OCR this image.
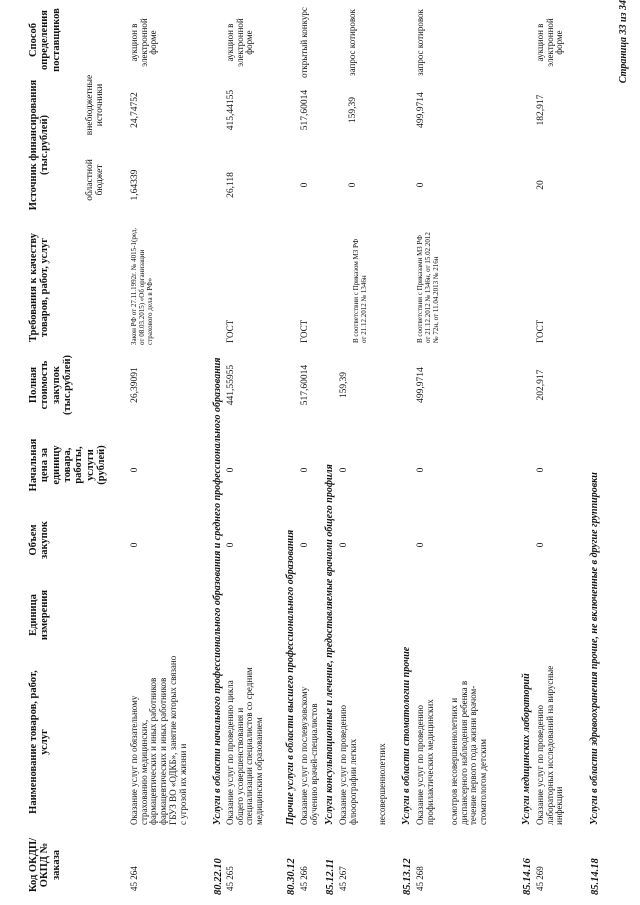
Код ОКДП/ ОКПД № заказа
Наименование товаров, работ, услуг
Единица измерения
Объем закупок
Начальная цена за единицу товара, работы, услуги (рублей)
Полная стоимость закупок (тыс.рублей)
Требования к качеству товаров, работ, услуг
Источник финансирования (тыс.рублей)
областной бюджет
внебюджетные источники
Способ определения поставщиков
45 264
Оказание услуг по обязательному страхованию медицинских, фармацевтических и иных работников фармацевтических и иных работников ГБУЗ ВО «ОДКБ», занятие которых связано с угрозой их жизни и
0
0
26,39091
Закон РФ от 27.11.1992г. № 4015-1(ред. от 08.03.2015) «Об организации страхового дела в РФ»
1,64339
24,74752
аукцион в электронной форме
80.22.10
Услуги в области начального профессионального образования и среднего профессионального образования
45 265
Оказание услуг по проведению цикла общего усовершенствования и специализации специалистов со средним медицинским образованием
0
0
441,55955
ГОСТ
26,118
415,44155
аукцион в электронной форме
80.30.12
Прочие услуги в области высшего профессионального образования
45 266
Оказание услуг по послевузовскому обучению врачей-специалистов
0
0
517,60014
ГОСТ
0
517,60014
открытый конкурс
85.12.11
Услуги консультационные и лечение, предоставляемые врачами общего профиля
45 267
Оказание услуг по проведению флюорографии легких несовершеннолетних
0
0
159,39
В соответствии с Приказом МЗ РФ от 21.12.2012 № 1346н
0
159,39
запрос котировок
85.13.12
Услуги в области стоматологии прочие
45 268
Оказание услуг по проведению профилактических медицинских осмотров несовершеннолетних и диспансерного наблюдения ребенка в течение первого года жизни врачом-стоматологом детским
0
0
499,9714
В соответствии с Приказами МЗ РФ от 21.12.2012 № 1346н, от 15.02.2012 № 72н, от 11.04.2013 № 216н
0
499,9714
запрос котировок
85.14.16
Услуги медицинских лабораторий
45 269
Оказание услуг по проведению лабораторных исследований на вирусные инфекции
0
0
202,917
ГОСТ
20
182,917
аукцион в электронной форме
85.14.18
Услуги в области здравоохранения прочие, не включенные в другие группировки
Страница 33 из 34
